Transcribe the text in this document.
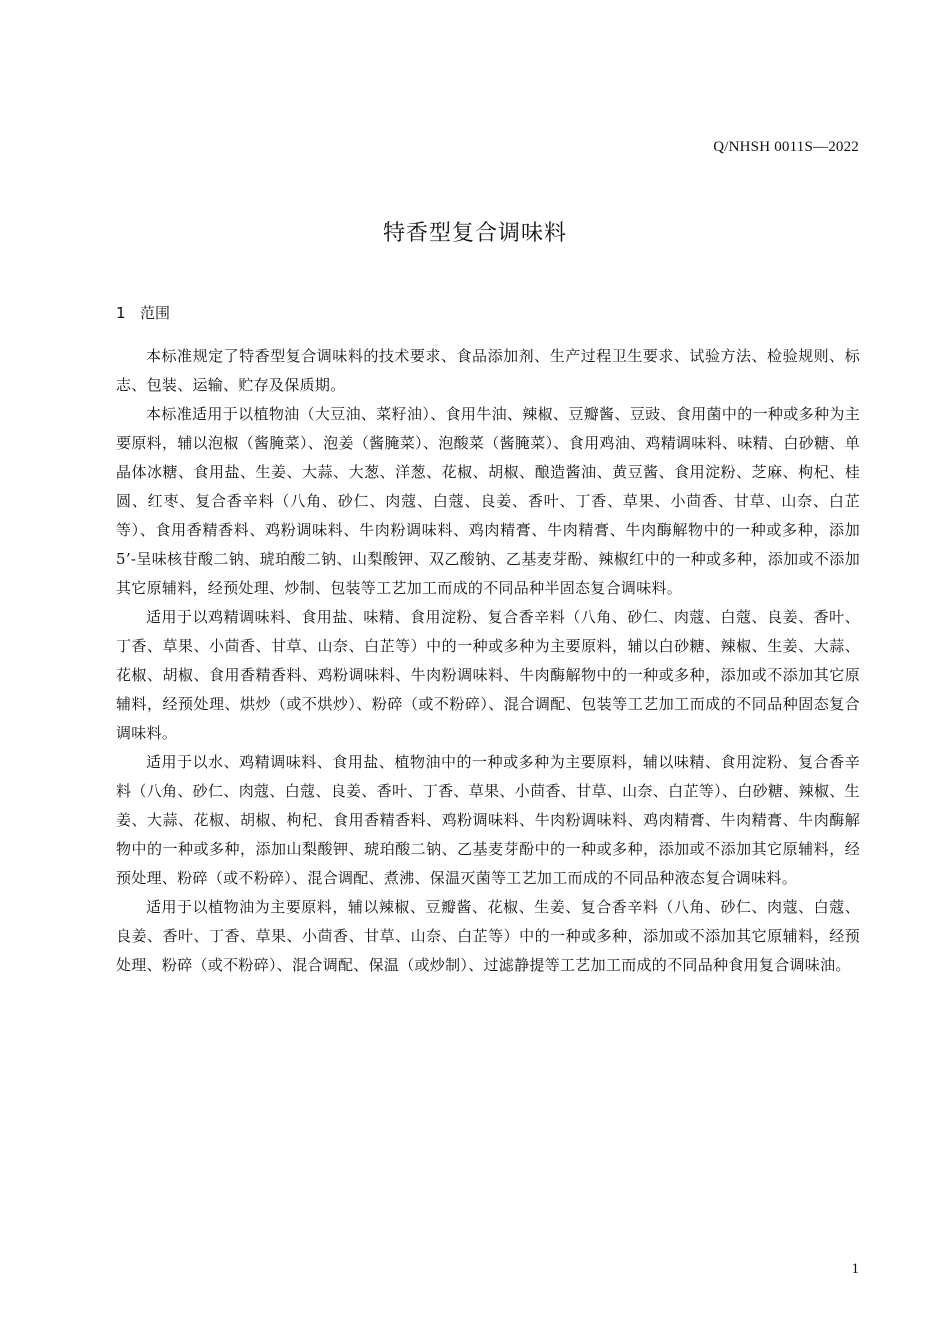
Q/NHSH 0011S—2022
特香型复合调味料
1 范围

本标准规定了特香型复合调味料的技术要求、食品添加剂、生产过程卫生要求、试验方法、检验规则、标志、包装、运输、贮存及保质期。

本标准适用于以植物油（大豆油、菜籽油）、食用牛油、辣椒、豆瓣酱、豆豉、食用菌中的一种或多种为主要原料，辅以泡椒（酱腌菜）、泡姜（酱腌菜）、泡酸菜（酱腌菜）、食用鸡油、鸡精调味料、味精、白砂糖、单晶体冰糖、食用盐、生姜、大蒜、大葱、洋葱、花椒、胡椒、酿造酱油、黄豆酱、食用淀粉、芝麻、枸杞、桂圆、红枣、复合香辛料（八角、砂仁、肉蔻、白蔻、良姜、香叶、丁香、草果、小茴香、甘草、山奈、白芷等）、食用香精香料、鸡粉调味料、牛肉粉调味料、鸡肉精膏、牛肉精膏、牛肉酶解物中的一种或多种，添加5’-呈味核苷酸二钠、琥珀酸二钠、山梨酸钾、双乙酸钠、乙基麦芽酚、辣椒红中的一种或多种，添加或不添加其它原辅料，经预处理、炒制、包装等工艺加工而成的不同品种半固态复合调味料。

适用于以鸡精调味料、食用盐、味精、食用淀粉、复合香辛料（八角、砂仁、肉蔻、白蔻、良姜、香叶、丁香、草果、小茴香、甘草、山奈、白芷等）中的一种或多种为主要原料，辅以白砂糖、辣椒、生姜、大蒜、花椒、胡椒、食用香精香料、鸡粉调味料、牛肉粉调味料、牛肉酶解物中的一种或多种，添加或不添加其它原辅料，经预处理、烘炒（或不烘炒）、粉碎（或不粉碎）、混合调配、包装等工艺加工而成的不同品种固态复合调味料。

适用于以水、鸡精调味料、食用盐、植物油中的一种或多种为主要原料，辅以味精、食用淀粉、复合香辛料（八角、砂仁、肉蔻、白蔻、良姜、香叶、丁香、草果、小茴香、甘草、山奈、白芷等）、白砂糖、辣椒、生姜、大蒜、花椒、胡椒、枸杞、食用香精香料、鸡粉调味料、牛肉粉调味料、鸡肉精膏、牛肉精膏、牛肉酶解物中的一种或多种，添加山梨酸钾、琥珀酸二钠、乙基麦芽酚中的一种或多种，添加或不添加其它原辅料，经预处理、粉碎（或不粉碎）、混合调配、煮沸、保温灭菌等工艺加工而成的不同品种液态复合调味料。

适用于以植物油为主要原料，辅以辣椒、豆瓣酱、花椒、生姜、复合香辛料（八角、砂仁、肉蔻、白蔻、良姜、香叶、丁香、草果、小茴香、甘草、山奈、白芷等）中的一种或多种，添加或不添加其它原辅料，经预处理、粉碎（或不粉碎）、混合调配、保温（或炒制）、过滤静提等工艺加工而成的不同品种食用复合调味油。

1
